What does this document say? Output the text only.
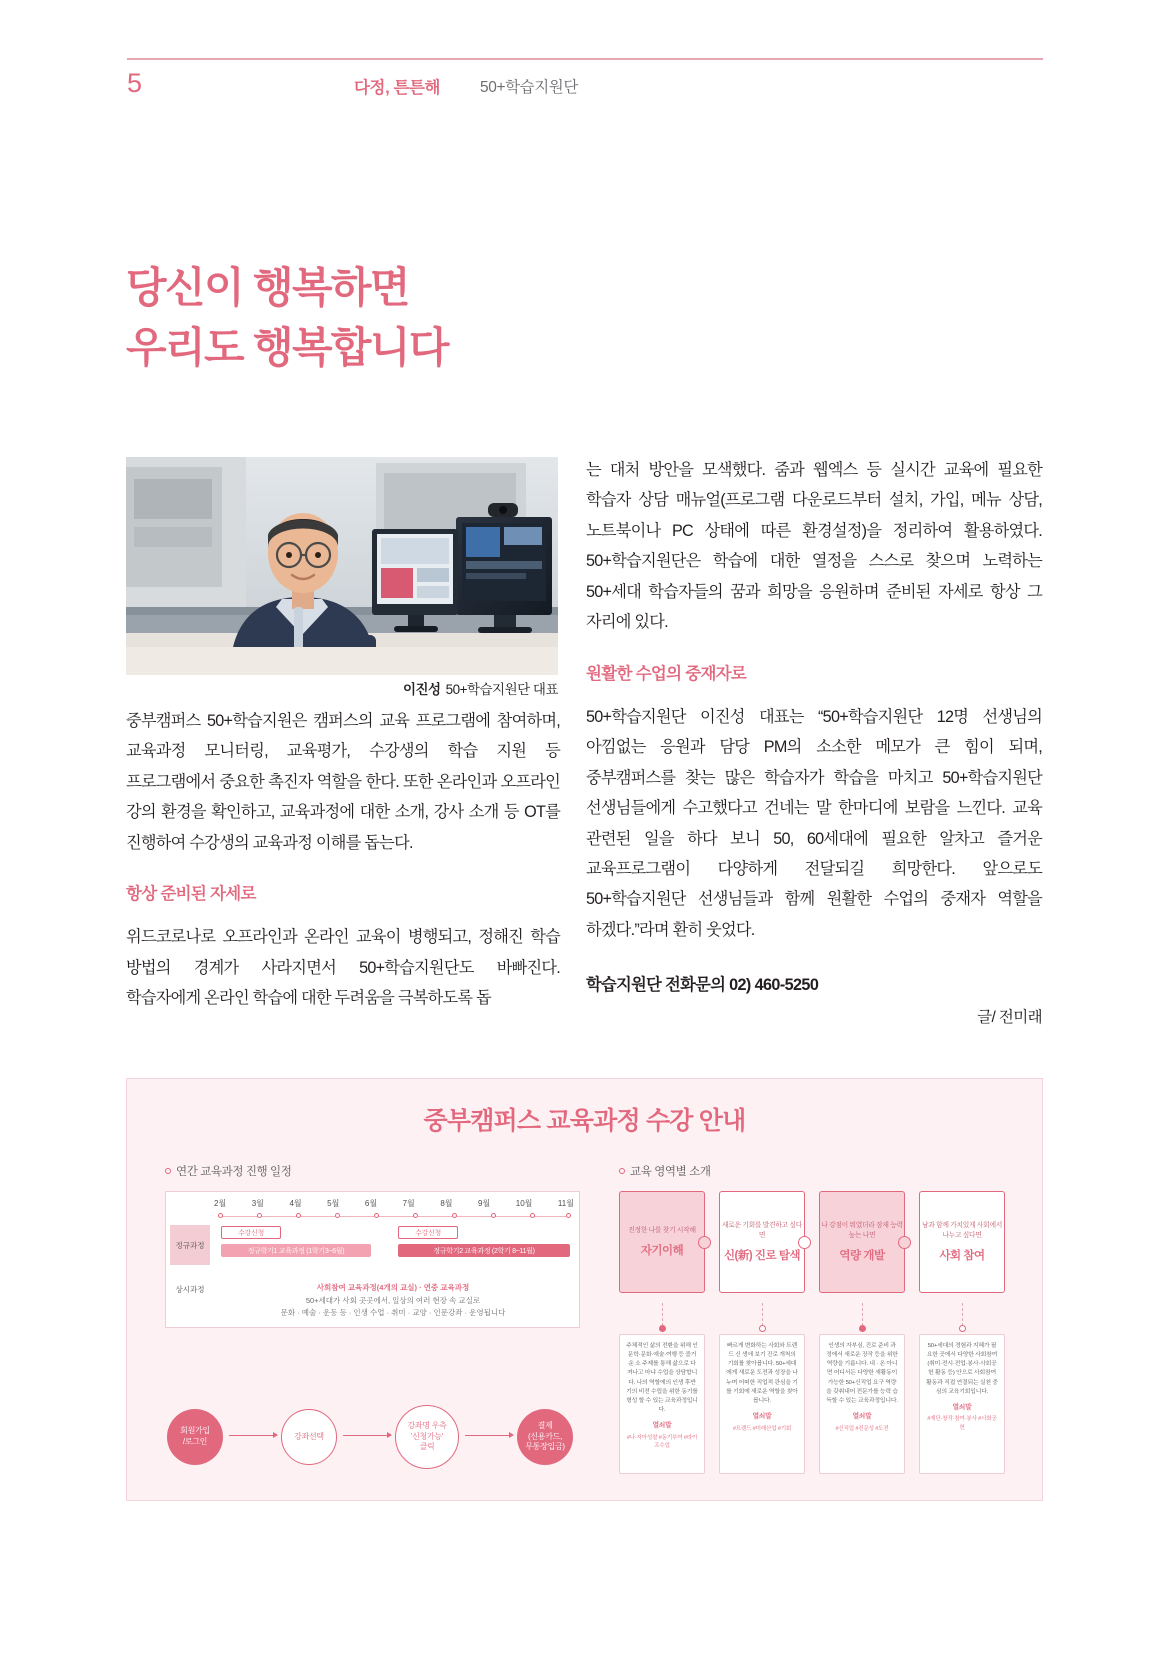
5	다정, 튼튼해	50+학습지원단
당신이 행복하면
우리도 행복합니다
이진성 50+학습지원단 대표

중부캠퍼스 50+학습지원은 캠퍼스의 교육 프로그램에 참여하며, 교육과정 모니터링, 교육평가, 수강생의 학습 지원 등 프로그램에서 중요한 촉진자 역할을 한다. 또한 온라인과 오프라인 강의 환경을 확인하고, 교육과정에 대한 소개, 강사 소개 등 OT를 진행하여 수강생의 교육과정 이해를 돕는다.

항상 준비된 자세로

위드코로나로 오프라인과 온라인 교육이 병행되고, 정해진 학습 방법의 경계가 사라지면서 50+학습지원단도 바빠진다. 학습자에게 온라인 학습에 대한 두려움을 극복하도록 돕

는 대처 방안을 모색했다. 줌과 웹엑스 등 실시간 교육에 필요한 학습자 상담 매뉴얼(프로그램 다운로드부터 설치, 가입, 메뉴 상담, 노트북이나 PC 상태에 따른 환경설정)을 정리하여 활용하였다. 50+학습지원단은 학습에 대한 열정을 스스로 찾으며 노력하는 50+세대 학습자들의 꿈과 희망을 응원하며 준비된 자세로 항상 그 자리에 있다.

원활한 수업의 중재자로

50+학습지원단 이진성 대표는 “50+학습지원단 12명 선생님의 아낌없는 응원과 담당 PM의 소소한 메모가 큰 힘이 되며, 중부캠퍼스를 찾는 많은 학습자가 학습을 마치고 50+학습지원단 선생님들에게 수고했다고 건네는 말 한마디에 보람을 느낀다. 교육 관련된 일을 하다 보니 50, 60세대에 필요한 알차고 즐거운 교육프로그램이 다양하게 전달되길 희망한다. 앞으로도 50+학습지원단 선생님들과 함께 원활한 수업의 중재자 역할을 하겠다.”라며 환히 웃었다.

학습지원단 전화문의 02) 460-5250
글/ 전미래
중부캠퍼스 교육과정 수강 안내
연간 교육과정 진행 일정	교육 영역별 소개
2월	3월	4월	5월	6월	7월	8월	9월	10월	11월
정규과정
상시과정
수강신청
정규학기1 교육과정 (1학기3~6월)
수강신청
정규학기2 교육과정 (2학기 8~11월)
사회참여 교육과정(4개의 교실) · 연중 교육과정
50+세대가 사회 곳곳에서, 일상의 여러 현장 속 교실로
문화 · 예술 · 운동 등 · 인생 수업 · 취미 · 교양 · 인문강좌 · 운영됩니다
회원가입
/로그인
강좌선택
강좌명 우측
'신청가능'
클릭
결제
(신용카드,
무통장입금)
진정한 나를 찾기 시작해
자기이해
새로운 기회를 발견하고 싶다면
신(新) 진로 탐색
나 강점이 뭐였더라 잠재 능력 높는 나면
역량 개발
남과 함께 가치있게 사회에서 나누고 싶다면
사회 참여
주체적인 삶의 전환을 위해 인문학·문화·예술·여행 등 즐거운 소 주제를 통해 삶으로 다져나고 마냐 수업을 상담합니다. 나의 역할에의 인생 후반기의 비전 수립을 위한 동기를 형성 할 수 있는 교육과정입니다.
열쇠말
#나·자아성찰 #동기부여 #라이프수업
빠르게 변화하는 사회와 트렌드 신 생애 보기 진로 개척의 기회를 찾아봅니다. 50+세대에게 새로운 도전과 성장을 나누며 어떠한 직업적 관심을 기를 기회에 새로운 역할을 찾아봅니다.
열쇠말
#트렌드 #미래산업 #기회
인생의 자부심, 진로 준비 과정에서 새로운 장작 등을 위한 역량을 기릅니다. 내 · 온 아니면 어디서든 다양한 새활동이 가능한 50+신직업 요구 역량을 갖춰내어 전문가를 능력 습득할 수 있는 교육과정입니다.
열쇠말
#신직업 #전문성 #도전
50+세대의 경험과 지혜가 필요한 곳에서 다양한 사회참여(취미·전시·전업·봉사·사회공헌 활동 등) 안으로 사회참여 활동과 직접 연결되는 실천 중심의 교육기회입니다.
열쇠말
#재단·창작·참여·봉사 #사회공헌
